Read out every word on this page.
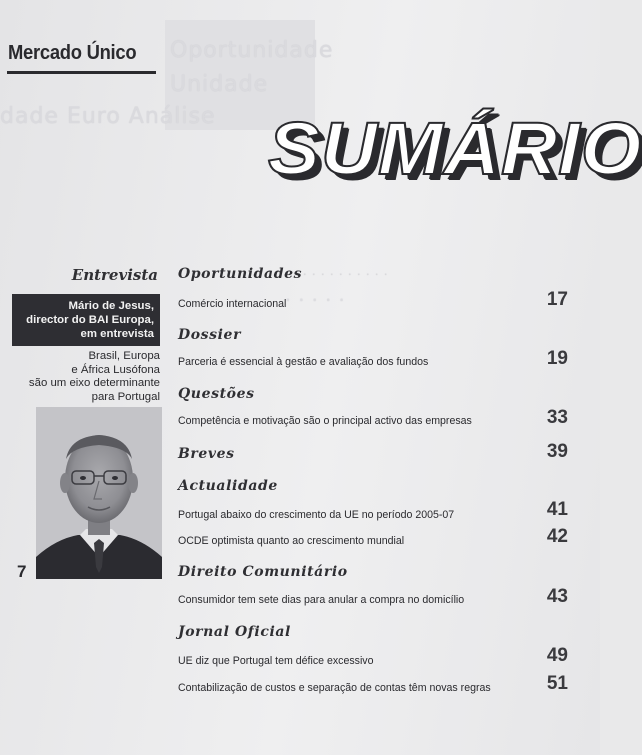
Oportunidade
Unidade
dade Euro Análise
· · · · · · · · · · · ·
· · · · ·
Mercado Único
SUMÁRIO
Entrevista
Mário de Jesus,
director do BAI Europa,
em entrevista
Brasil, Europa
e África Lusófona
são um eixo determinante
para Portugal
7
Oportunidades
Comércio internacional	17
Dossier
Parceria é essencial à gestão e avaliação dos fundos	19
Questões
Competência e motivação são o principal activo das empresas	33
Breves	39
Actualidade
Portugal abaixo do crescimento da UE no período 2005-07	41
OCDE optimista quanto ao crescimento mundial	42
Direito Comunitário
Consumidor tem sete dias para anular a compra no domicílio	43
Jornal Oficial
UE diz que Portugal tem défice excessivo	49
Contabilização de custos e separação de contas têm novas regras	51
